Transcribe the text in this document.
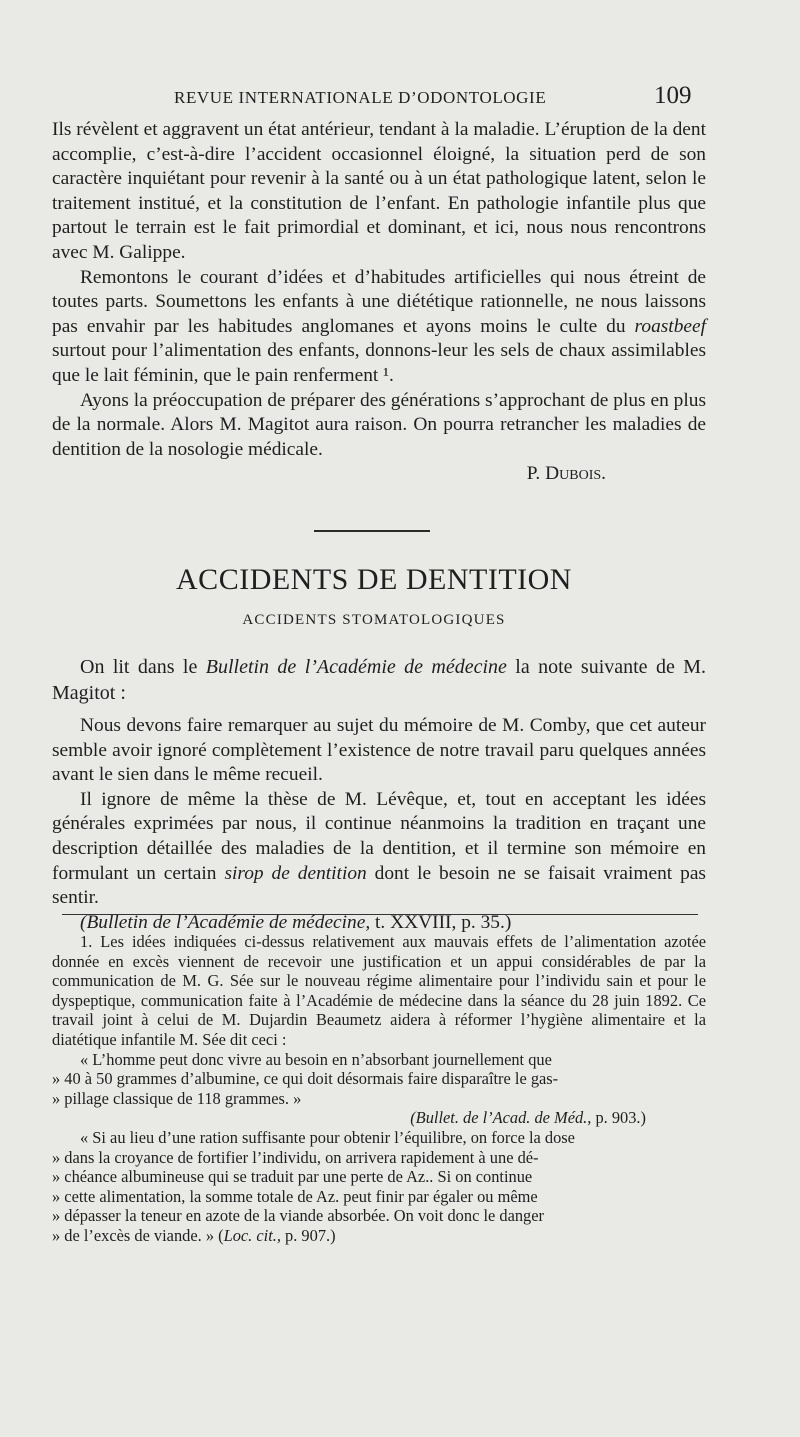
REVUE INTERNATIONALE D’ODONTOLOGIE	109

Ils révèlent et aggravent un état antérieur, tendant à la maladie. L’éruption de la dent accomplie, c’est-à-dire l’accident occasionnel éloigné, la situation perd de son caractère inquiétant pour revenir à la santé ou à un état pathologique latent, selon le traitement institué, et la constitution de l’enfant. En pathologie infantile plus que partout le terrain est le fait primordial et dominant, et ici, nous nous rencontrons avec M. Galippe.

Remontons le courant d’idées et d’habitudes artificielles qui nous étreint de toutes parts. Soumettons les enfants à une diététique rationnelle, ne nous laissons pas envahir par les habitudes anglomanes et ayons moins le culte du roastbeef surtout pour l’alimentation des enfants, donnons-leur les sels de chaux assimilables que le lait féminin, que le pain renferment ¹.

Ayons la préoccupation de préparer des générations s’approchant de plus en plus de la normale. Alors M. Magitot aura raison. On pourra retrancher les maladies de dentition de la nosologie médicale.

P. Dubois.

ACCIDENTS DE DENTITION
ACCIDENTS STOMATOLOGIQUES

On lit dans le Bulletin de l’Académie de médecine la note suivante de M. Magitot :

Nous devons faire remarquer au sujet du mémoire de M. Comby, que cet auteur semble avoir ignoré complètement l’existence de notre travail paru quelques années avant le sien dans le même recueil.

Il ignore de même la thèse de M. Lévêque, et, tout en acceptant les idées générales exprimées par nous, il continue néanmoins la tradition en traçant une description détaillée des maladies de la dentition, et il termine son mémoire en formulant un certain sirop de dentition dont le besoin ne se faisait vraiment pas sentir.

(Bulletin de l’Académie de médecine, t. XXVIII, p. 35.)

1. Les idées indiquées ci-dessus relativement aux mauvais effets de l’alimentation azotée donnée en excès viennent de recevoir une justification et un appui considérables de par la communication de M. G. Sée sur le nouveau régime alimentaire pour l’individu sain et pour le dyspeptique, communication faite à l’Académie de médecine dans la séance du 28 juin 1892. Ce travail joint à celui de M. Dujardin Beaumetz aidera à réformer l’hygiène alimentaire et la diatétique infantile M. Sée dit ceci :

« L’homme peut donc vivre au besoin en n’absorbant journellement que

» 40 à 50 grammes d’albumine, ce qui doit désormais faire disparaître le gas-

» pillage classique de 118 grammes. »

(Bullet. de l’Acad. de Méd., p. 903.)

« Si au lieu d’une ration suffisante pour obtenir l’équilibre, on force la dose

» dans la croyance de fortifier l’individu, on arrivera rapidement à une dé-

» chéance albumineuse qui se traduit par une perte de Az.. Si on continue

» cette alimentation, la somme totale de Az. peut finir par égaler ou même

» dépasser la teneur en azote de la viande absorbée. On voit donc le danger

» de l’excès de viande. » (Loc. cit., p. 907.)
